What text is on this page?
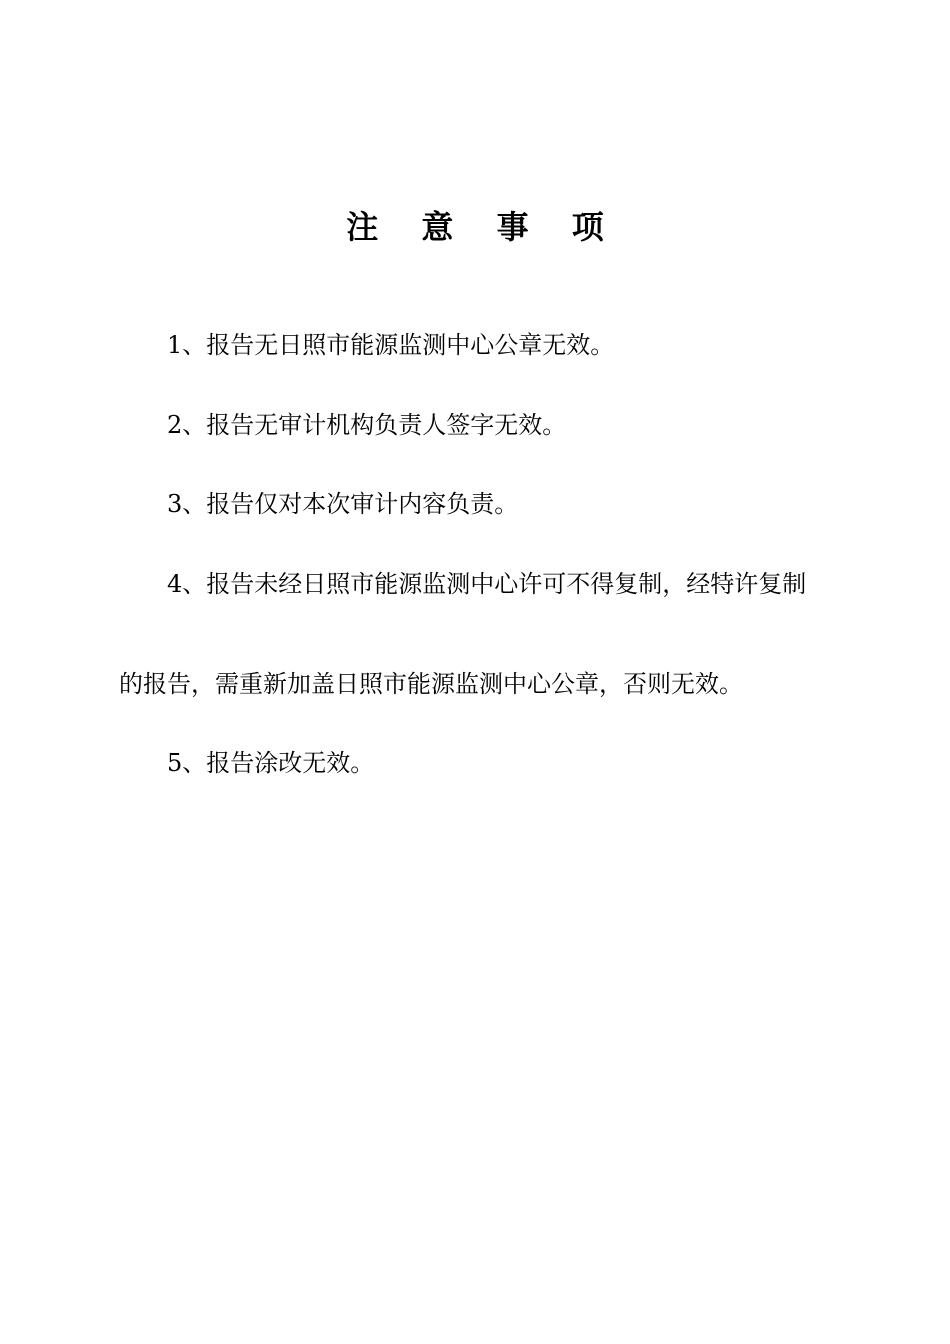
注 意 事 项
1、报告无日照市能源监测中心公章无效。
2、报告无审计机构负责人签字无效。
3、报告仅对本次审计内容负责。
4、报告未经日照市能源监测中心许可不得复制，经特许复制
的报告，需重新加盖日照市能源监测中心公章，否则无效。
5、报告涂改无效。
